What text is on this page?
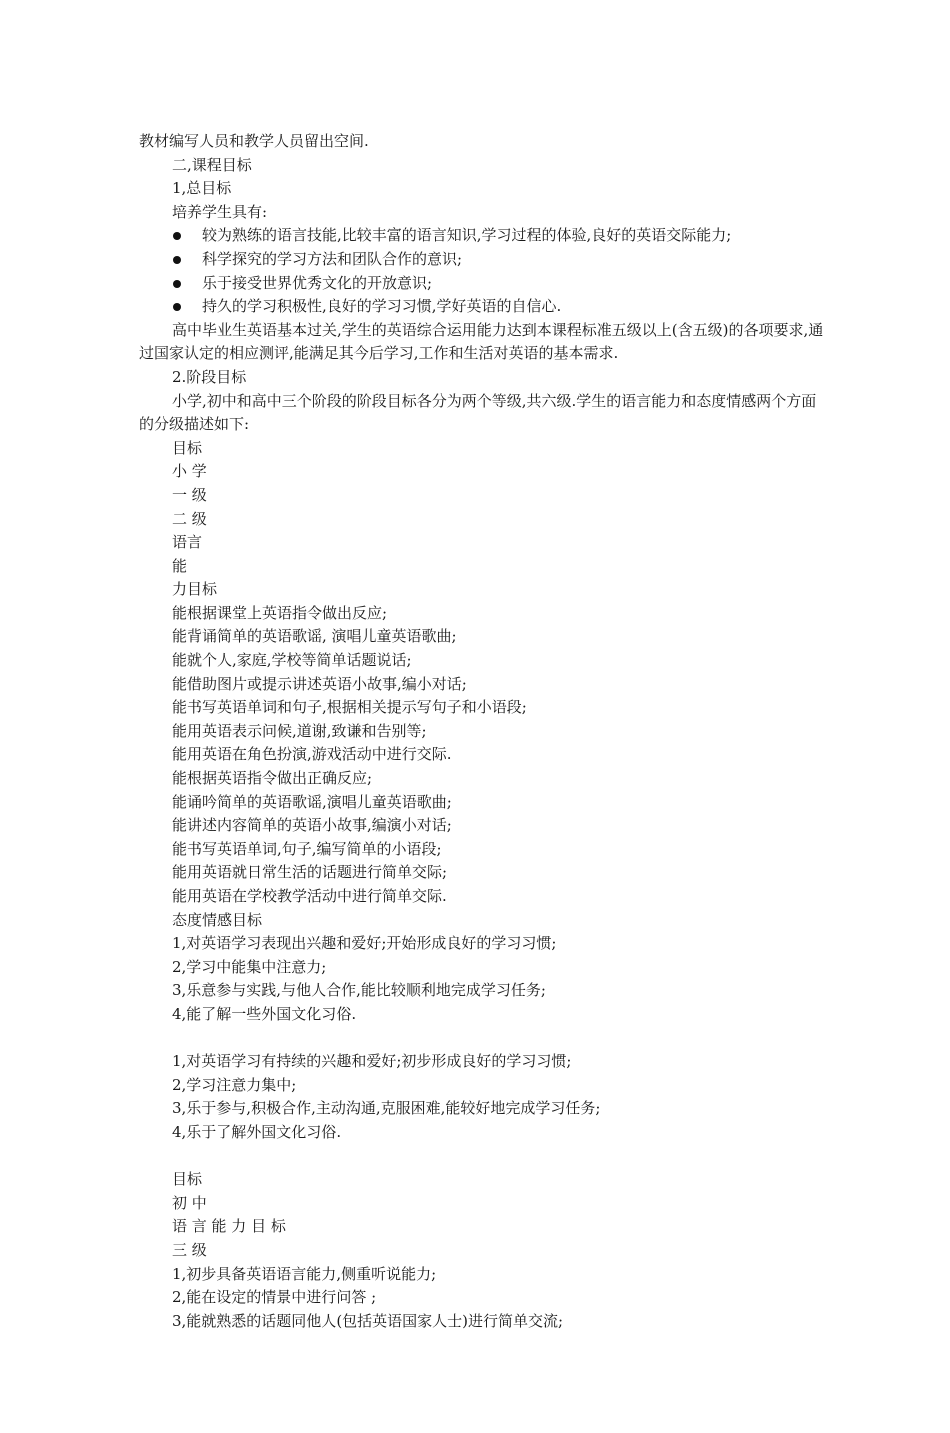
教材编写人员和教学人员留出空间.
二,课程目标
1,总目标
培养学生具有:
较为熟练的语言技能,比较丰富的语言知识,学习过程的体验,良好的英语交际能力;
科学探究的学习方法和团队合作的意识;
乐于接受世界优秀文化的开放意识;
持久的学习积极性,良好的学习习惯,学好英语的自信心.
高中毕业生英语基本过关,学生的英语综合运用能力达到本课程标准五级以上(含五级)的各项要求,通
过国家认定的相应测评,能满足其今后学习,工作和生活对英语的基本需求.
2.阶段目标
小学,初中和高中三个阶段的阶段目标各分为两个等级,共六级.学生的语言能力和态度情感两个方面
的分级描述如下:
目标
小 学
一 级
二 级
语言
能
力目标
能根据课堂上英语指令做出反应;
能背诵简单的英语歌谣, 演唱儿童英语歌曲;
能就个人,家庭,学校等简单话题说话;
能借助图片或提示讲述英语小故事,编小对话;
能书写英语单词和句子,根据相关提示写句子和小语段;
能用英语表示问候,道谢,致谦和告别等;
能用英语在角色扮演,游戏活动中进行交际.
能根据英语指令做出正确反应;
能诵吟简单的英语歌谣,演唱儿童英语歌曲;
能讲述内容简单的英语小故事,编演小对话;
能书写英语单词,句子,编写简单的小语段;
能用英语就日常生活的话题进行简单交际;
能用英语在学校教学活动中进行简单交际.
态度情感目标
1,对英语学习表现出兴趣和爱好;开始形成良好的学习习惯;
2,学习中能集中注意力;
3,乐意参与实践,与他人合作,能比较顺利地完成学习任务;
4,能了解一些外国文化习俗.
1,对英语学习有持续的兴趣和爱好;初步形成良好的学习习惯;
2,学习注意力集中;
3,乐于参与,积极合作,主动沟通,克服困难,能较好地完成学习任务;
4,乐于了解外国文化习俗.
目标
初 中
语 言 能 力 目 标
三 级
1,初步具备英语语言能力,侧重听说能力;
2,能在设定的情景中进行问答 ;
3,能就熟悉的话题同他人(包括英语国家人士)进行简单交流;
